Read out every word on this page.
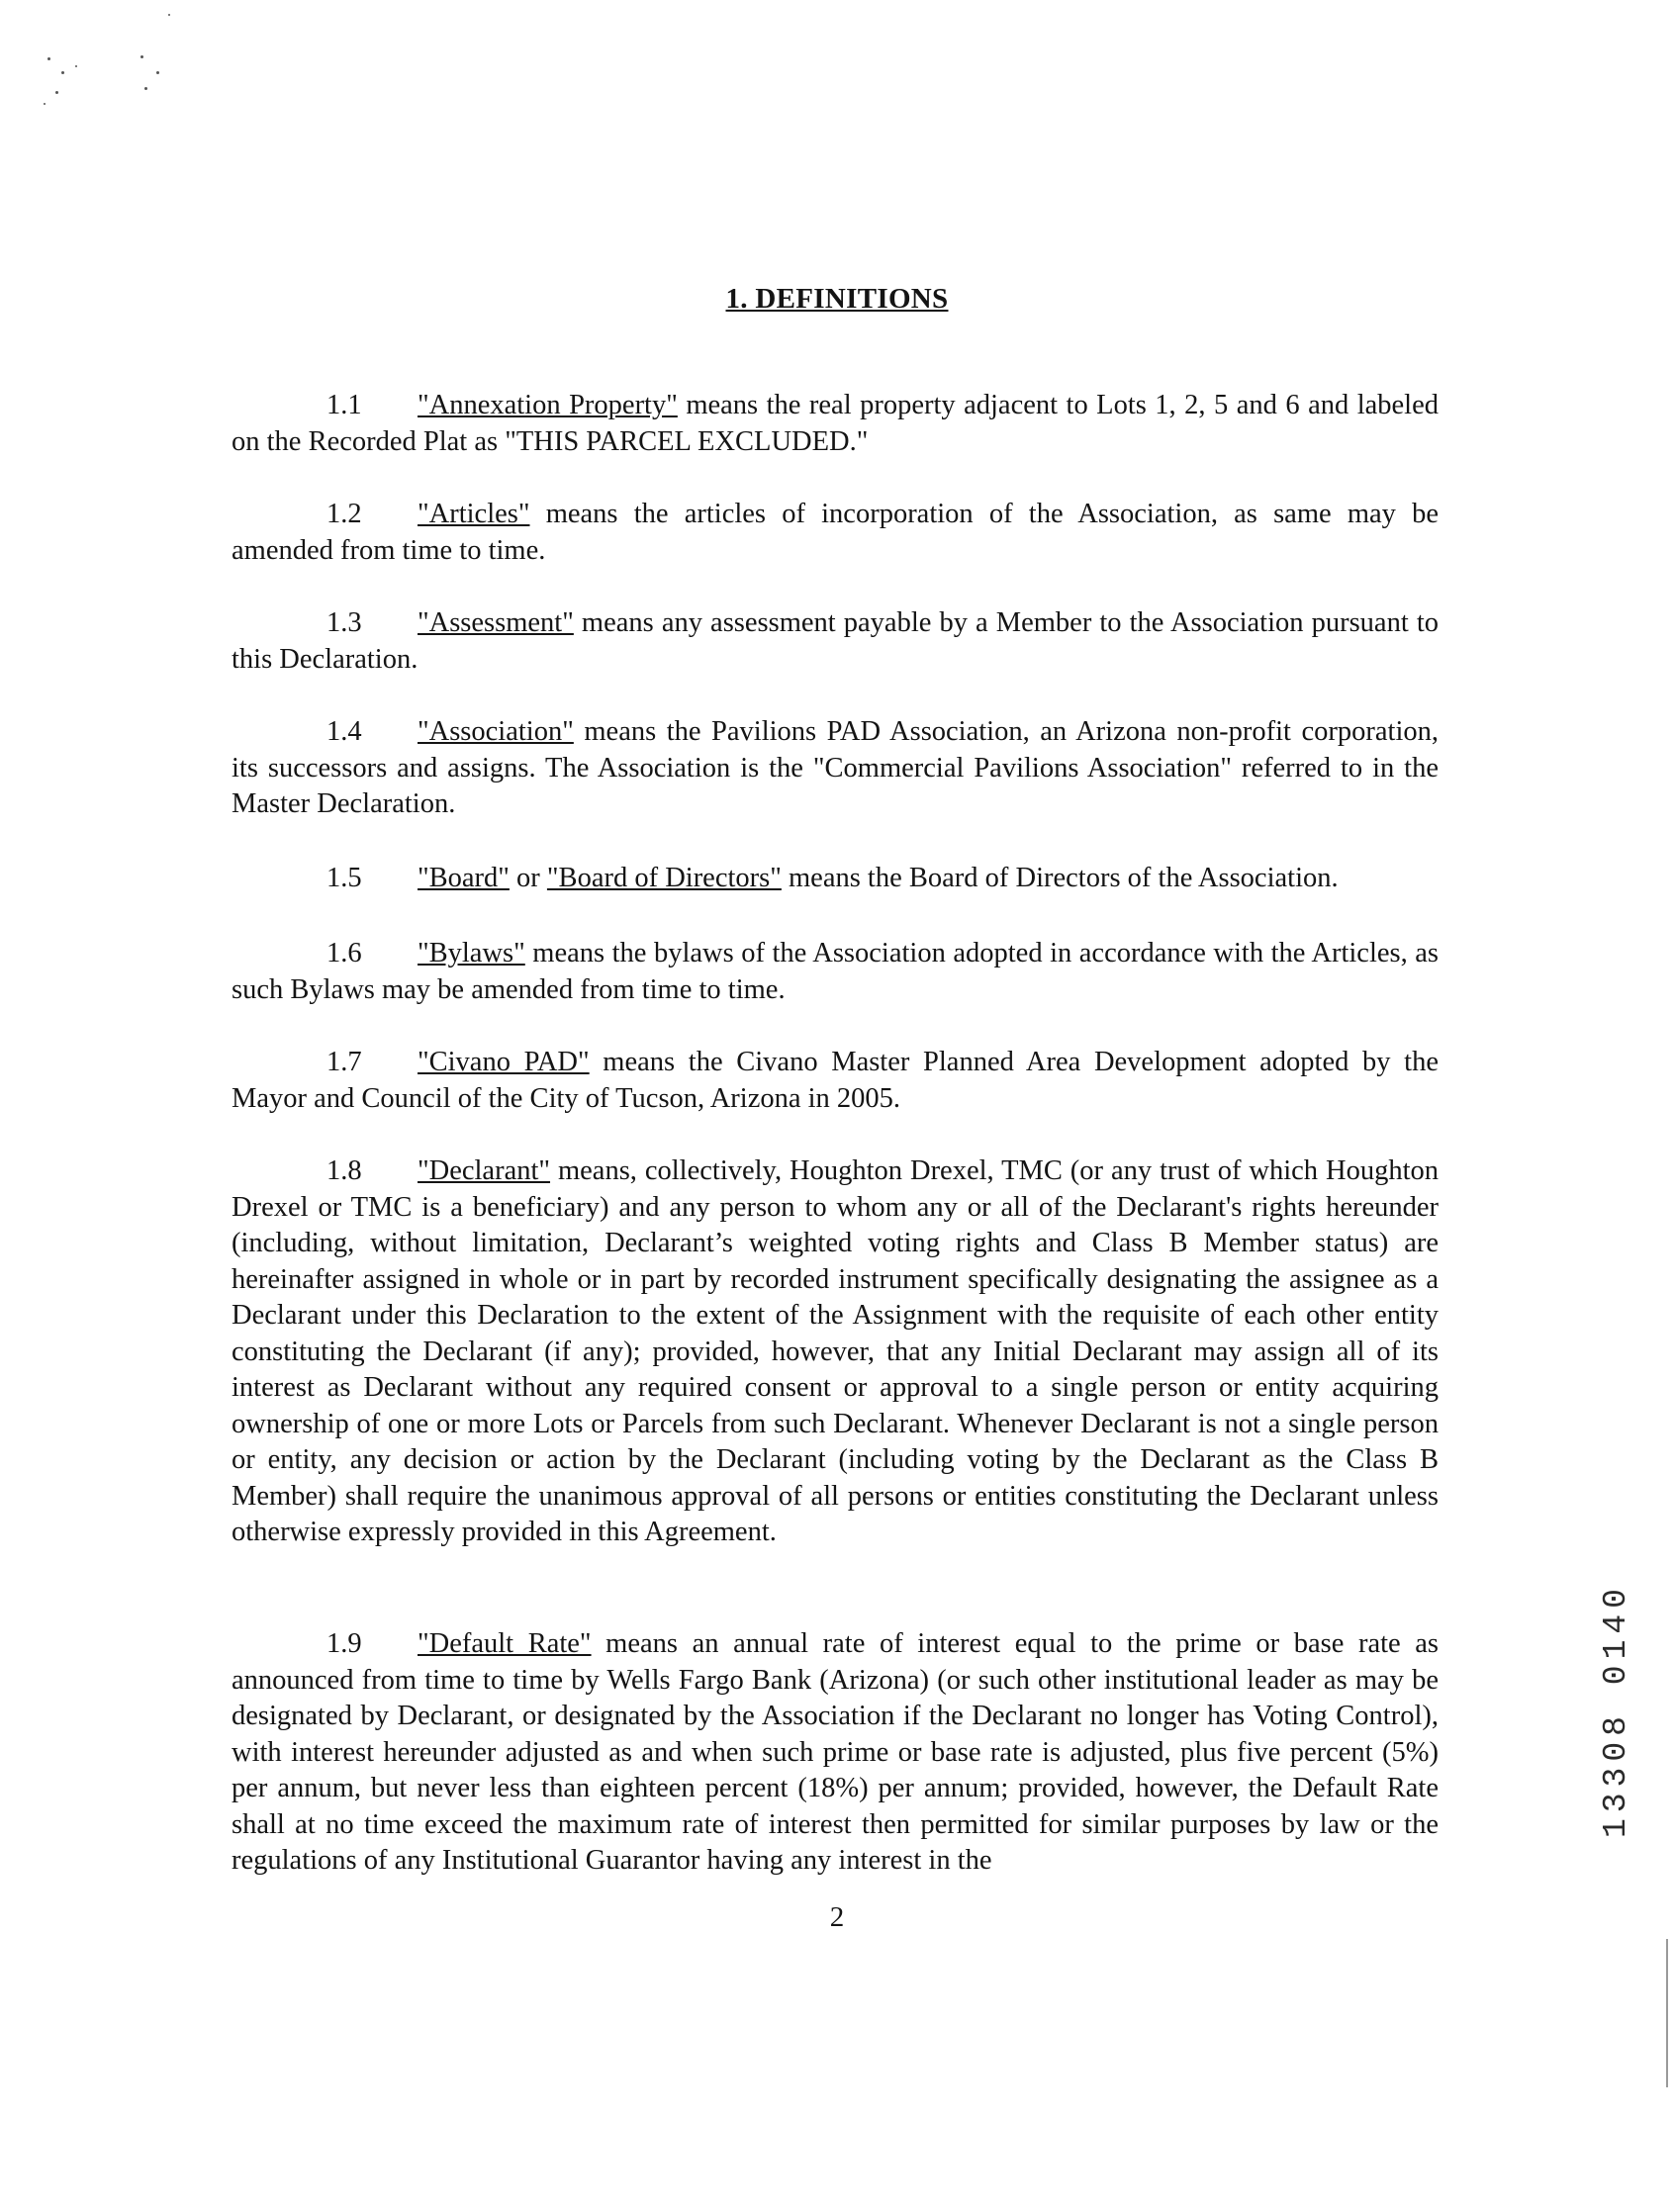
1. DEFINITIONS
1.1 "Annexation Property" means the real property adjacent to Lots 1, 2, 5 and 6 and labeled on the Recorded Plat as "THIS PARCEL EXCLUDED."
1.2 "Articles" means the articles of incorporation of the Association, as same may be amended from time to time.
1.3 "Assessment" means any assessment payable by a Member to the Association pursuant to this Declaration.
1.4 "Association" means the Pavilions PAD Association, an Arizona non-profit corporation, its successors and assigns. The Association is the "Commercial Pavilions Association" referred to in the Master Declaration.
1.5 "Board" or "Board of Directors" means the Board of Directors of the Association.
1.6 "Bylaws" means the bylaws of the Association adopted in accordance with the Articles, as such Bylaws may be amended from time to time.
1.7 "Civano PAD" means the Civano Master Planned Area Development adopted by the Mayor and Council of the City of Tucson, Arizona in 2005.
1.8 "Declarant" means, collectively, Houghton Drexel, TMC (or any trust of which Houghton Drexel or TMC is a beneficiary) and any person to whom any or all of the Declarant's rights hereunder (including, without limitation, Declarant’s weighted voting rights and Class B Member status) are hereinafter assigned in whole or in part by recorded instrument specifically designating the assignee as a Declarant under this Declaration to the extent of the Assignment with the requisite of each other entity constituting the Declarant (if any); provided, however, that any Initial Declarant may assign all of its interest as Declarant without any required consent or approval to a single person or entity acquiring ownership of one or more Lots or Parcels from such Declarant. Whenever Declarant is not a single person or entity, any decision or action by the Declarant (including voting by the Declarant as the Class B Member) shall require the unanimous approval of all persons or entities constituting the Declarant unless otherwise expressly provided in this Agreement.
1.9 "Default Rate" means an annual rate of interest equal to the prime or base rate as announced from time to time by Wells Fargo Bank (Arizona) (or such other institutional leader as may be designated by Declarant, or designated by the Association if the Declarant no longer has Voting Control), with interest hereunder adjusted as and when such prime or base rate is adjusted, plus five percent (5%) per annum, but never less than eighteen percent (18%) per annum; provided, however, the Default Rate shall at no time exceed the maximum rate of interest then permitted for similar purposes by law or the regulations of any Institutional Guarantor having any interest in the
2
13308 0140
